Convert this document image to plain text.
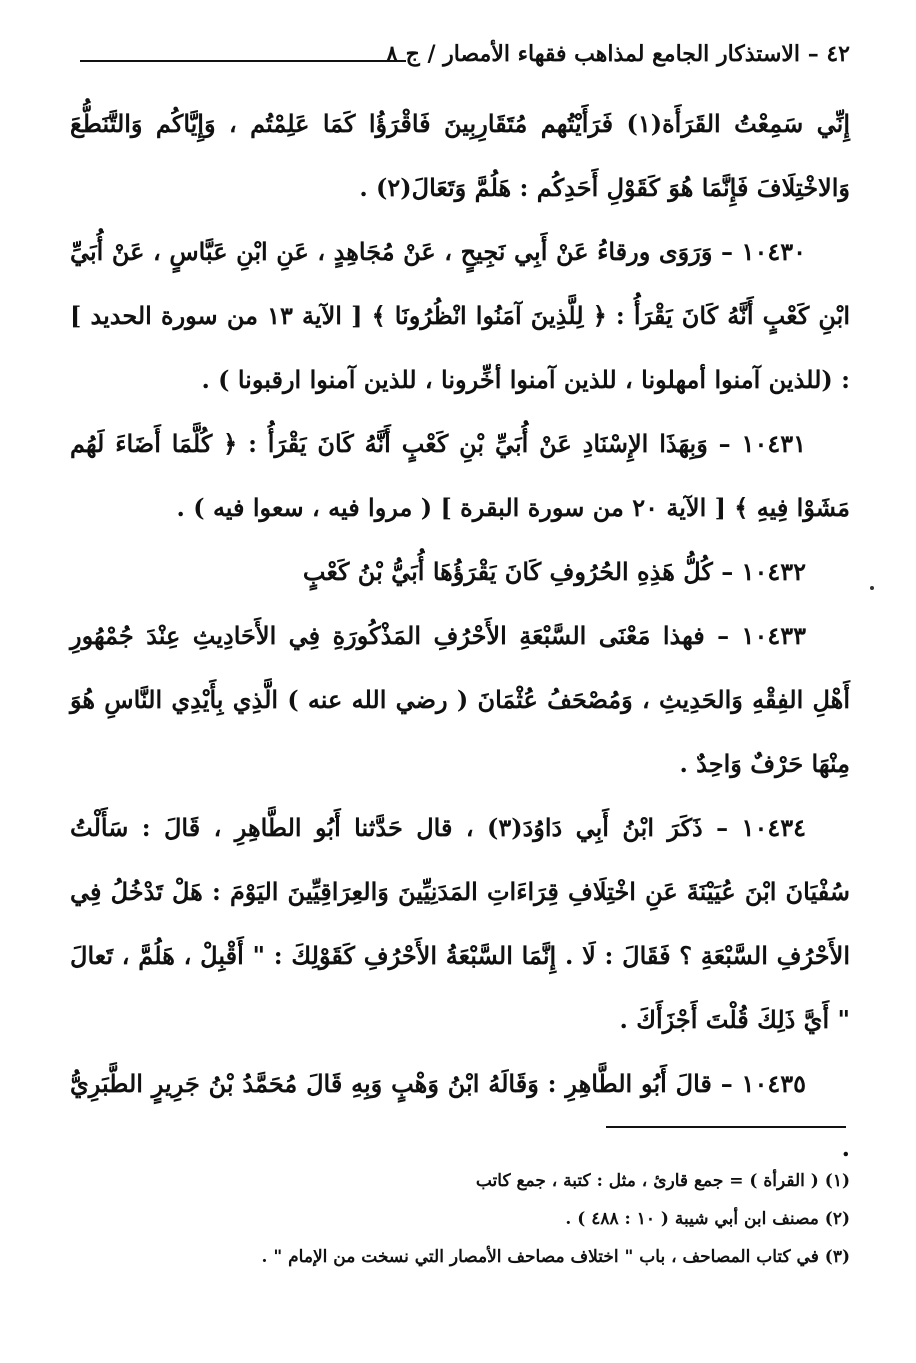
٤٢ – الاستذكار الجامع لمذاهب فقهاء الأمصار / ج ٨

إِنِّي سَمِعْتُ القَرَأَة(١) فَرَأَيْتُهم مُتَقَارِبِينَ فَاقْرَؤُا كَمَا عَلِمْتُم ، وَإِيَّاكُم وَالتَّنَطُّعَ وَالاخْتِلَافَ فَإِنَّمَا هُوَ كَقَوْلِ أَحَدِكُم : هَلُمَّ وَتَعَالَ(٢) .

١٠٤٣٠ – وَرَوَى ورقاءُ عَنْ أَبِي نَجِيحٍ ، عَنْ مُجَاهِدٍ ، عَنِ ابْنِ عَبَّاسٍ ، عَنْ أُبَيِّ ابْنِ كَعْبٍ أَنَّهُ كَانَ يَقْرَأُ : ﴿ لِلَّذِينَ آمَنُوا انْظُرُونَا ﴾ [ الآية ١٣ من سورة الحديد ] : (للذين آمنوا أمهلونا ، للذين آمنوا أخِّرونا ، للذين آمنوا ارقبونا ) .

١٠٤٣١ – وَبِهَذَا الإِسْنَادِ عَنْ أُبَيِّ بْنِ كَعْبٍ أَنَّهُ كَانَ يَقْرَأُ : ﴿ كُلَّمَا أَضَاءَ لَهُم مَشَوْا فِيهِ ﴾ [ الآية ٢٠ من سورة البقرة ] ( مروا فيه ، سعوا فيه ) .

١٠٤٣٢ – كُلُّ هَذِهِ الحُرُوفِ كَانَ يَقْرَؤُهَا أُبَيُّ بْنُ كَعْبٍ

١٠٤٣٣ – فهذا مَعْنَى السَّبْعَةِ الأَحْرُفِ المَذْكُورَةِ فِي الأَحَادِيثِ عِنْدَ جُمْهُورِ أَهْلِ الفِقْهِ وَالحَدِيثِ ، وَمُصْحَفُ عُثْمَانَ ( رضي الله عنه ) الَّذِي بِأَيْدِي النَّاسِ هُوَ مِنْهَا حَرْفٌ وَاحِدٌ .

١٠٤٣٤ – ذَكَرَ ابْنُ أَبِي دَاوُدَ(٣) ، قال حَدَّثنا أَبُو الطَّاهِرِ ، قَالَ : سَأَلْتُ سُفْيَانَ ابْنَ عُيَيْنَةَ عَنِ اخْتِلَافِ قِرَاءَاتِ المَدَنِيِّينَ وَالعِرَاقِيِّينَ اليَوْمَ : هَلْ تَدْخُلُ فِي الأَحْرُفِ السَّبْعَةِ ؟ فَقَالَ : لَا . إِنَّمَا السَّبْعَةُ الأَحْرُفِ كَقَوْلِكَ : " أَقْبِلْ ، هَلُمَّ ، تَعالَ " أَيَّ ذَلِكَ قُلْتَ أَجْزَأَكَ .

١٠٤٣٥ – قالَ أَبُو الطَّاهِرِ : وَقَالَهُ ابْنُ وَهْبٍ وَبِهِ قَالَ مُحَمَّدُ بْنُ جَرِيرٍ الطَّبَرِيُّ .

(١) ( القرأة ) = جمع قارئ ، مثل : كتبة ، جمع كاتب

(٢) مصنف ابن أبي شيبة ( ١٠ : ٤٨٨ ) .

(٣) في كتاب المصاحف ، باب " اختلاف مصاحف الأمصار التي نسخت من الإمام " .
